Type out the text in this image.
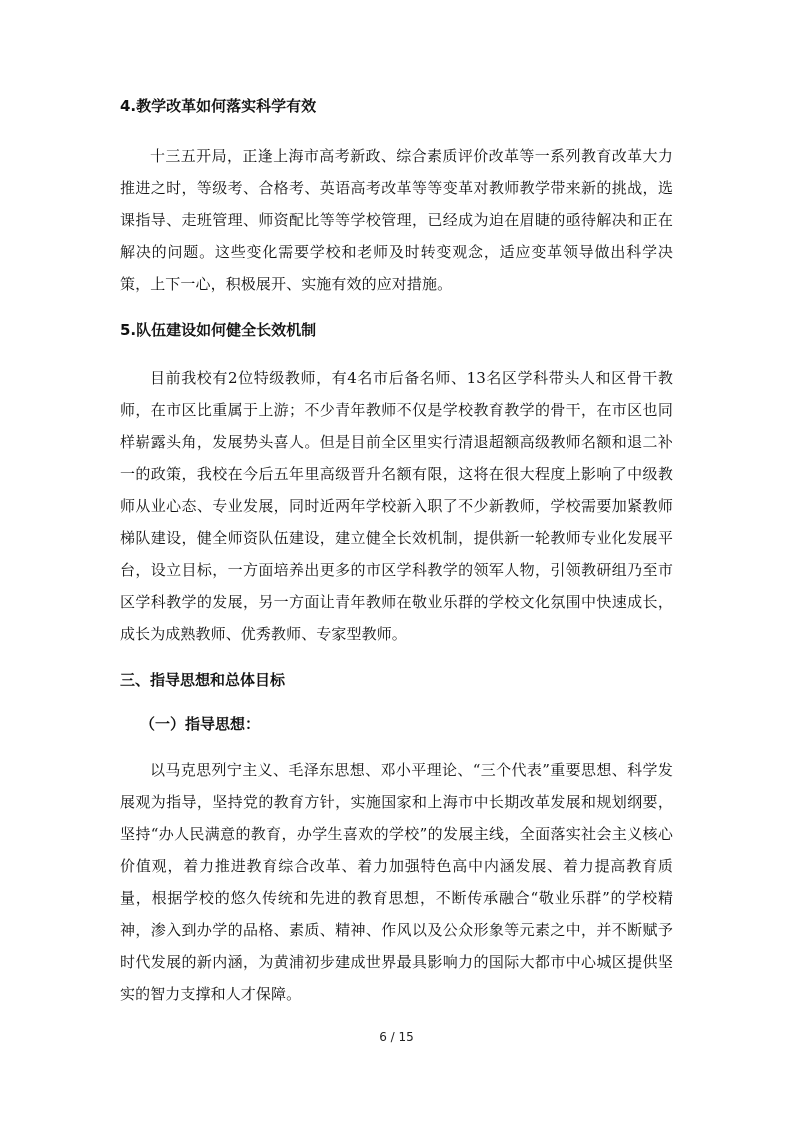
4.教学改革如何落实科学有效

十三五开局，正逢上海市高考新政、综合素质评价改革等一系列教育改革大力推进之时，等级考、合格考、英语高考改革等等变革对教师教学带来新的挑战，选课指导、走班管理、师资配比等等学校管理，已经成为迫在眉睫的亟待解决和正在解决的问题。这些变化需要学校和老师及时转变观念，适应变革领导做出科学决策，上下一心，积极展开、实施有效的应对措施。

5.队伍建设如何健全长效机制

目前我校有2位特级教师，有4名市后备名师、13名区学科带头人和区骨干教师，在市区比重属于上游；不少青年教师不仅是学校教育教学的骨干，在市区也同样崭露头角，发展势头喜人。但是目前全区里实行清退超额高级教师名额和退二补一的政策，我校在今后五年里高级晋升名额有限，这将在很大程度上影响了中级教师从业心态、专业发展，同时近两年学校新入职了不少新教师，学校需要加紧教师梯队建设，健全师资队伍建设，建立健全长效机制，提供新一轮教师专业化发展平台，设立目标，一方面培养出更多的市区学科教学的领军人物，引领教研组乃至市区学科教学的发展，另一方面让青年教师在敬业乐群的学校文化氛围中快速成长，成长为成熟教师、优秀教师、专家型教师。

三、指导思想和总体目标

（一）指导思想：

以马克思列宁主义、毛泽东思想、邓小平理论、“三个代表”重要思想、科学发展观为指导，坚持党的教育方针，实施国家和上海市中长期改革发展和规划纲要，坚持“办人民满意的教育，办学生喜欢的学校”的发展主线，全面落实社会主义核心价值观，着力推进教育综合改革、着力加强特色高中内涵发展、着力提高教育质量，根据学校的悠久传统和先进的教育思想，不断传承融合“敬业乐群”的学校精神，渗入到办学的品格、素质、精神、作风以及公众形象等元素之中，并不断赋予时代发展的新内涵，为黄浦初步建成世界最具影响力的国际大都市中心城区提供坚实的智力支撑和人才保障。

6 / 15
